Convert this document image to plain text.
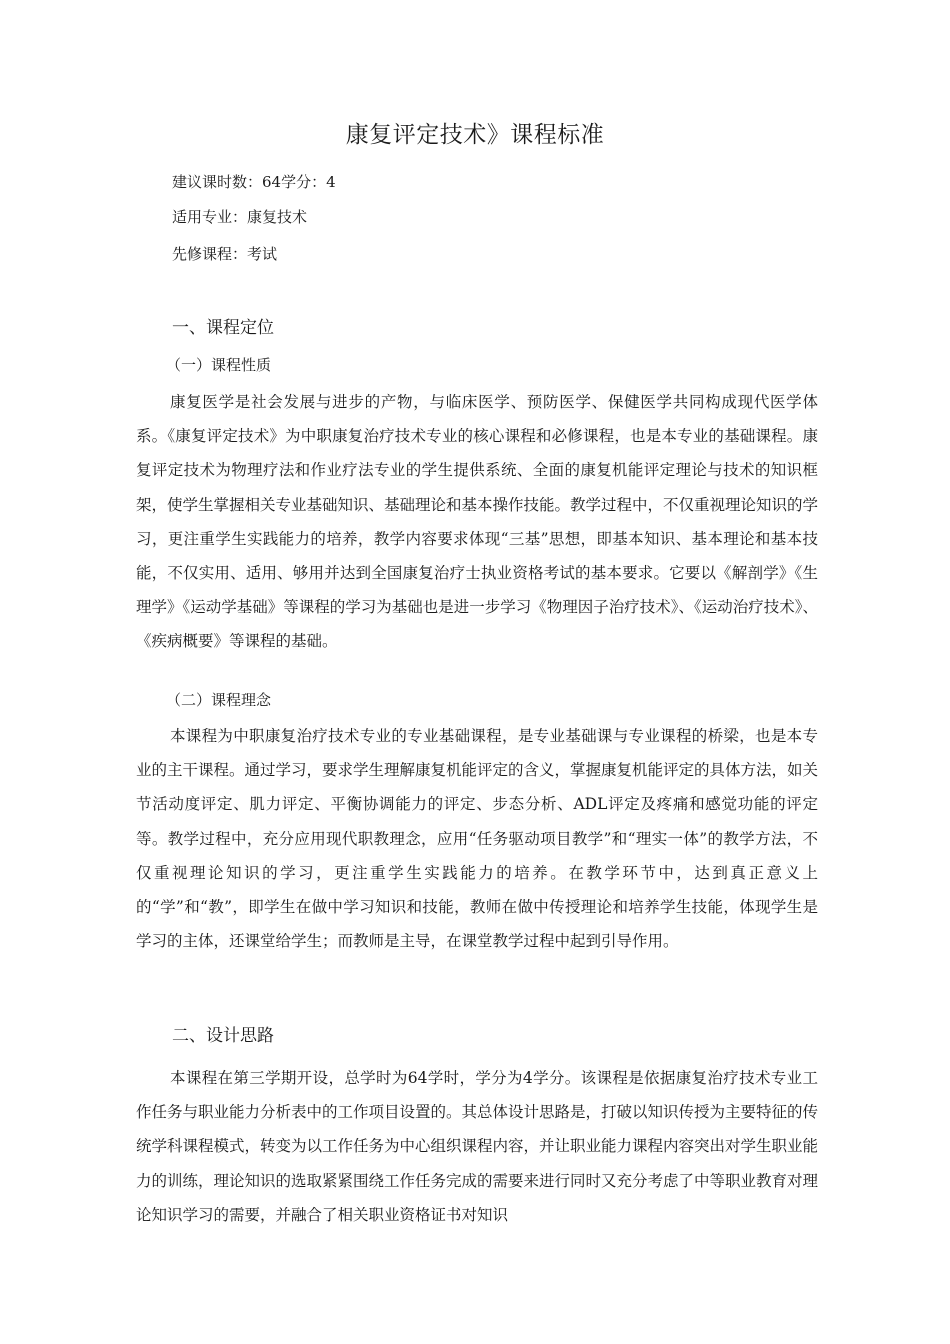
康复评定技术》课程标准
建议课时数：64学分：4
适用专业：康复技术
先修课程：考试
一、课程定位
（一）课程性质

康复医学是社会发展与进步的产物，与临床医学、预防医学、保健医学共同构成现代医学体系。《康复评定技术》为中职康复治疗技术专业的核心课程和必修课程，也是本专业的基础课程。康复评定技术为物理疗法和作业疗法专业的学生提供系统、全面的康复机能评定理论与技术的知识框架，使学生掌握相关专业基础知识、基础理论和基本操作技能。教学过程中，不仅重视理论知识的学习，更注重学生实践能力的培养，教学内容要求体现“三基”思想，即基本知识、基本理论和基本技能，不仅实用、适用、够用并达到全国康复治疗士执业资格考试的基本要求。它要以《解剖学》《生理学》《运动学基础》等课程的学习为基础也是进一步学习《物理因子治疗技术》、《运动治疗技术》、《疾病概要》等课程的基础。

（二）课程理念

本课程为中职康复治疗技术专业的专业基础课程，是专业基础课与专业课程的桥梁，也是本专业的主干课程。通过学习，要求学生理解康复机能评定的含义，掌握康复机能评定的具体方法，如关节活动度评定、肌力评定、平衡协调能力的评定、步态分析、ADL评定及疼痛和感觉功能的评定等。教学过程中，充分应用现代职教理念，应用“任务驱动项目教学”和“理实一体”的教学方法，不仅重视理论知识的学习，更注重学生实践能力的培养。在教学环节中，达到真正意义上的“学”和“教”，即学生在做中学习知识和技能，教师在做中传授理论和培养学生技能，体现学生是学习的主体，还课堂给学生；而教师是主导，在课堂教学过程中起到引导作用。

二、设计思路

本课程在第三学期开设，总学时为64学时，学分为4学分。该课程是依据康复治疗技术专业工作任务与职业能力分析表中的工作项目设置的。其总体设计思路是，打破以知识传授为主要特征的传统学科课程模式，转变为以工作任务为中心组织课程内容，并让职业能力课程内容突出对学生职业能力的训练，理论知识的选取紧紧围绕工作任务完成的需要来进行同时又充分考虑了中等职业教育对理论知识学习的需要，并融合了相关职业资格证书对知识
